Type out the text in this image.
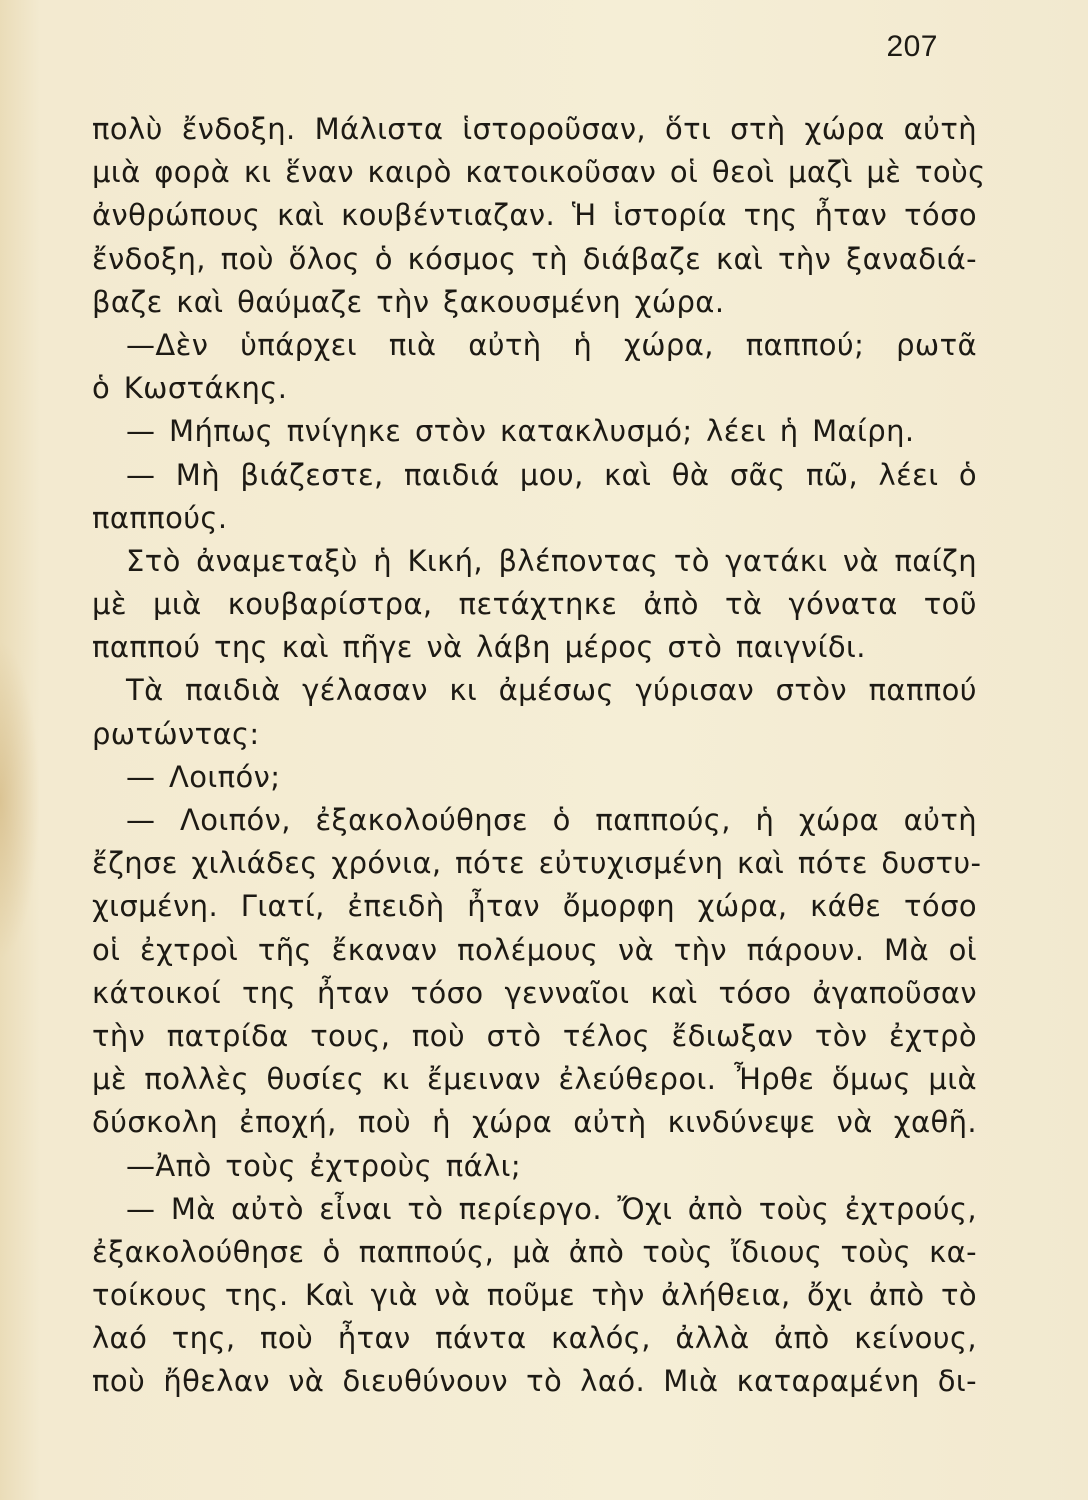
207
πολὺ ἔνδοξη. Μάλιστα ἱστοροῦσαν, ὅτι στὴ χώρα αὐτὴ
μιὰ φορὰ κι ἕναν καιρὸ κατοικοῦσαν οἱ θεοὶ μαζὶ μὲ τοὺς
ἀνθρώπους καὶ κουβέντιαζαν. Ἡ ἱστορία της ἦταν τόσο
ἔνδοξη, ποὺ ὅλος ὁ κόσμος τὴ διάβαζε καὶ τὴν ξαναδιά-
βαζε καὶ θαύμαζε τὴν ξακουσμένη χώρα.
—Δὲν ὑπάρχει πιὰ αὐτὴ ἡ χώρα, παππού; ρωτᾶ
ὁ Κωστάκης.
— Μήπως πνίγηκε στὸν κατακλυσμό; λέει ἡ Μαίρη.
— Μὴ βιάζεστε, παιδιά μου, καὶ θὰ σᾶς πῶ, λέει ὁ
παππούς.
Στὸ ἀναμεταξὺ ἡ Κική, βλέποντας τὸ γατάκι νὰ παίζη
μὲ μιὰ κουβαρίστρα, πετάχτηκε ἀπὸ τὰ γόνατα τοῦ
παππού της καὶ πῆγε νὰ λάβη μέρος στὸ παιγνίδι.
Τὰ παιδιὰ γέλασαν κι ἀμέσως γύρισαν στὸν παππού
ρωτώντας:
— Λοιπόν;
— Λοιπόν, ἐξακολούθησε ὁ παππούς, ἡ χώρα αὐτὴ
ἔζησε χιλιάδες χρόνια, πότε εὐτυχισμένη καὶ πότε δυστυ-
χισμένη. Γιατί, ἐπειδὴ ἦταν ὄμορφη χώρα, κάθε τόσο
οἱ ἐχτροὶ τῆς ἔκαναν πολέμους νὰ τὴν πάρουν. Μὰ οἱ
κάτοικοί της ἦταν τόσο γενναῖοι καὶ τόσο ἀγαποῦσαν
τὴν πατρίδα τους, ποὺ στὸ τέλος ἔδιωξαν τὸν ἐχτρὸ
μὲ πολλὲς θυσίες κι ἔμειναν ἐλεύθεροι. Ἦρθε ὅμως μιὰ
δύσκολη ἐποχή, ποὺ ἡ χώρα αὐτὴ κινδύνεψε νὰ χαθῆ.
—Ἀπὸ τοὺς ἐχτροὺς πάλι;
— Μὰ αὐτὸ εἶναι τὸ περίεργο. Ὄχι ἀπὸ τοὺς ἐχτρούς,
ἐξακολούθησε ὁ παππούς, μὰ ἀπὸ τοὺς ἴδιους τοὺς κα-
τοίκους της. Καὶ γιὰ νὰ ποῦμε τὴν ἀλήθεια, ὄχι ἀπὸ τὸ
λαό της, ποὺ ἦταν πάντα καλός, ἀλλὰ ἀπὸ κείνους,
ποὺ ἤθελαν νὰ διευθύνουν τὸ λαό. Μιὰ καταραμένη δι-
